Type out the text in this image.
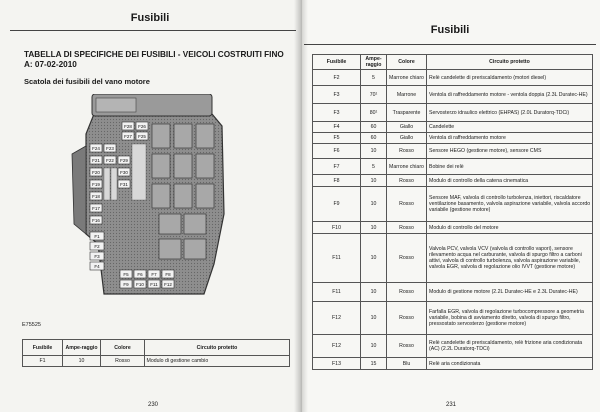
Fusibili
TABELLA DI SPECIFICHE DEI FUSIBILI - VEICOLI COSTRUITI FINO A: 07-02-2010
Scatola dei fusibili del vano motore
F28
F27
F26
F25
F24
F21
F20
F19
F18
F17
F16
F23
F22 F29
F30
F31
F1
F2
F3
F4
F5 F6 F7 F8
F9 F10 F11 F12
E75525
Fusibile	Ampe-raggio	Colore	Circuito protetto
F1	10	Rosso	Modulo di gestione cambio
230
Fusibili
Fusibile	Ampe-raggio	Colore	Circuito protetto
F2	5	Marrone chiaro	Relè candelette di preriscaldamento (motori diesel)
F3	70¹	Marrone	Ventola di raffreddamento motore - ventola doppia (2.3L Duratec-HE)
F3	80¹	Trasparente	Servosterzo idraulico elettrico (EHPAS) (2.0L Duratorq-TDCi)
F4	60	Giallo	Candelette
F5	60	Giallo	Ventola di raffreddamento motore
F6	10	Rosso	Sensore HEGO (gestione motore), sensore CMS
F7	5	Marrone chiaro	Bobine dei relè
F8	10	Rosso	Modulo di controllo della catena cinematica
F9	10	Rosso	Sensore MAF, valvola di controllo turbolenza, iniettori, riscaldatore ventilazione basamento, valvola aspirazione variabile, valvola accordo variabile (gestione motore)
F10	10	Rosso	Modulo di controllo del motore
F11	10	Rosso	Valvola PCV, valvola VCV (valvola di controllo vapori), sensore rilevamento acqua nel carburante, valvola di spurgo filtro a carboni attivi, valvola di controllo turbolenza, valvola aspirazione variabile, valvola EGR, valvola di regolazione olio IVVT (gestione motore)
F11	10	Rosso	Modulo di gestione motore (2.2L Duratec-HE e 2.3L Duratec-HE)
F12	10	Rosso	Farfalla EGR, valvola di regolazione turbocompressore a geometria variabile, bobina di avviamento diretto, valvola di spurgo filtro, pressostato servosterzo (gestione motore)
F12	10	Rosso	Relè candelette di preriscaldamento, relè frizione aria condizionata (AC) (2.2L Duratorq-TDCi)
F13	15	Blu	Relè aria condizionata
231
